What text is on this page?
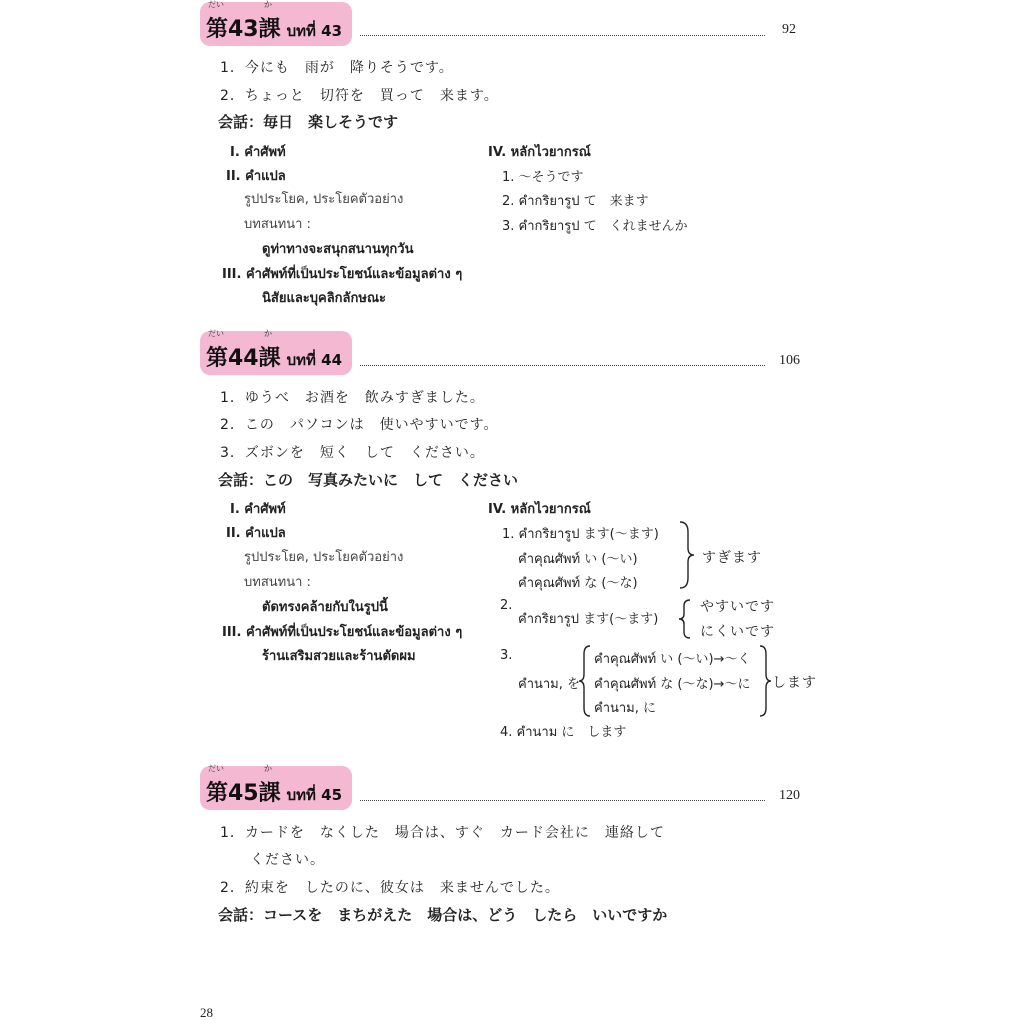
だい	か
第43課 บทที่ 43	92
1．今にも　雨が　降りそうです。
2．ちょっと　切符を　買って　来ます。
会話：毎日　楽しそうです
I. คำศัพท์
II. คำแปล
รูปประโยค, ประโยคตัวอย่าง
บทสนทนา :
ดูท่าทางจะสนุกสนานทุกวัน
III. คำศัพท์ที่เป็นประโยชน์และข้อมูลต่าง ๆ
นิสัยและบุคลิกลักษณะ
IV. หลักไวยากรณ์
1. ～そうです
2. คำกริยารูป て　来ます
3. คำกริยารูป て　くれませんか
だい	か
第44課 บทที่ 44	106
1．ゆうべ　お酒を　飲みすぎました。
2．この　パソコンは　使いやすいです。
3．ズボンを　短く　して　ください。
会話：この　写真みたいに　して　ください
I. คำศัพท์
II. คำแปล
รูปประโยค, ประโยคตัวอย่าง
บทสนทนา :
ตัดทรงคล้ายกับในรูปนี้
III. คำศัพท์ที่เป็นประโยชน์และข้อมูลต่าง ๆ
ร้านเสริมสวยและร้านตัดผม
IV. หลักไวยากรณ์
1. คำกริยารูป ます(～ます)
คำคุณศัพท์ い (～い)
คำคุณศัพท์ な (～な)
すぎます
2.
คำกริยารูป ます(～ます)
やすいです
にくいです
3.
คำนาม, を
คำคุณศัพท์ い (～い)→～く
คำคุณศัพท์ な (～な)→～に
คำนาม, に
します
4. คำนาม に　します
だい	か
第45課 บทที่ 45	120
1．カードを　なくした　場合は、すぐ　カード会社に　連絡して
ください。
2．約束を　したのに、彼女は　来ませんでした。
会話：コースを　まちがえた　場合は、どう　したら　いいですか
28
